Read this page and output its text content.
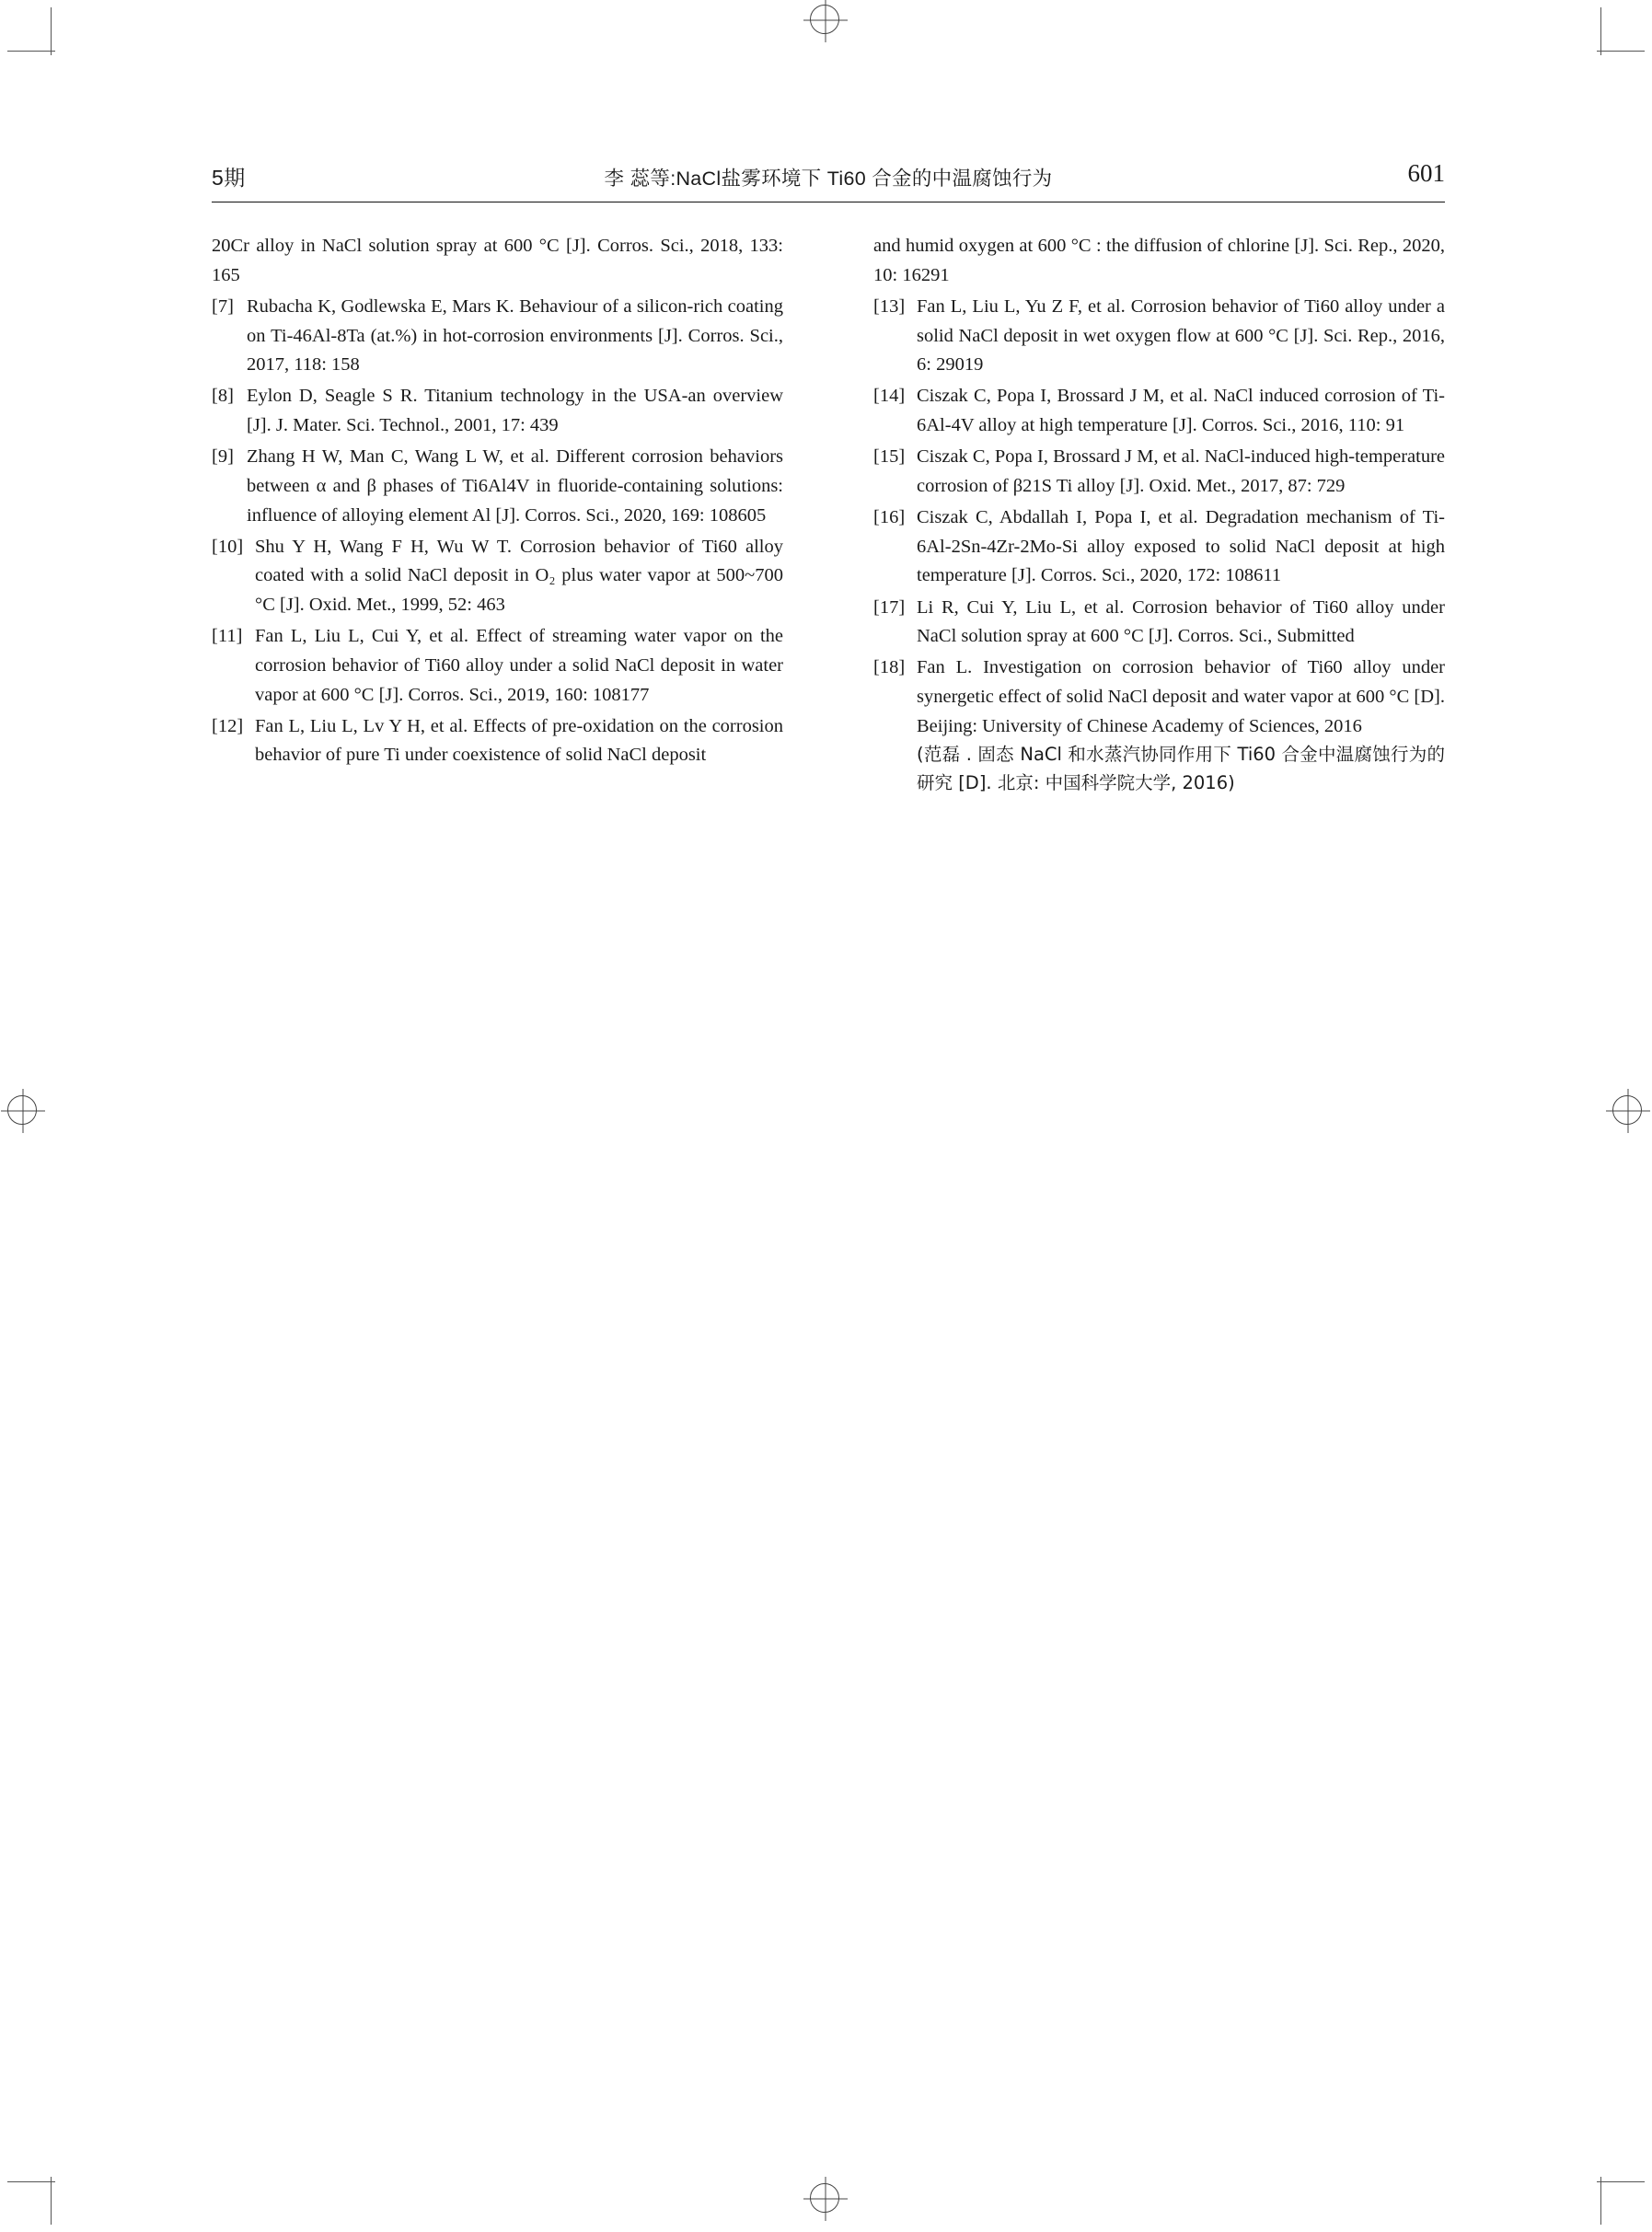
5期	李 蕊等:NaCl盐雾环境下 Ti60 合金的中温腐蚀行为	601
20Cr alloy in NaCl solution spray at 600 °C [J]. Corros. Sci., 2018, 133: 165
[7] Rubacha K, Godlewska E, Mars K. Behaviour of a silicon-rich coating on Ti-46Al-8Ta (at.%) in hot-corrosion environments [J]. Corros. Sci., 2017, 118: 158
[8] Eylon D, Seagle S R. Titanium technology in the USA-an overview [J]. J. Mater. Sci. Technol., 2001, 17: 439
[9] Zhang H W, Man C, Wang L W, et al. Different corrosion behaviors between α and β phases of Ti6Al4V in fluoride-containing solutions: influence of alloying element Al [J]. Corros. Sci., 2020, 169: 108605
[10] Shu Y H, Wang F H, Wu W T. Corrosion behavior of Ti60 alloy coated with a solid NaCl deposit in O₂ plus water vapor at 500~700 °C [J]. Oxid. Met., 1999, 52: 463
[11] Fan L, Liu L, Cui Y, et al. Effect of streaming water vapor on the corrosion behavior of Ti60 alloy under a solid NaCl deposit in water vapor at 600 °C [J]. Corros. Sci., 2019, 160: 108177
[12] Fan L, Liu L, Lv Y H, et al. Effects of pre-oxidation on the corrosion behavior of pure Ti under coexistence of solid NaCl deposit
and humid oxygen at 600 °C : the diffusion of chlorine [J]. Sci. Rep., 2020, 10: 16291
[13] Fan L, Liu L, Yu Z F, et al. Corrosion behavior of Ti60 alloy under a solid NaCl deposit in wet oxygen flow at 600 °C [J]. Sci. Rep., 2016, 6: 29019
[14] Ciszak C, Popa I, Brossard J M, et al. NaCl induced corrosion of Ti-6Al-4V alloy at high temperature [J]. Corros. Sci., 2016, 110: 91
[15] Ciszak C, Popa I, Brossard J M, et al. NaCl-induced high-temperature corrosion of β21S Ti alloy [J]. Oxid. Met., 2017, 87: 729
[16] Ciszak C, Abdallah I, Popa I, et al. Degradation mechanism of Ti-6Al-2Sn-4Zr-2Mo-Si alloy exposed to solid NaCl deposit at high temperature [J]. Corros. Sci., 2020, 172: 108611
[17] Li R, Cui Y, Liu L, et al. Corrosion behavior of Ti60 alloy under NaCl solution spray at 600 °C [J]. Corros. Sci., Submitted
[18] Fan L. Investigation on corrosion behavior of Ti60 alloy under synergetic effect of solid NaCl deposit and water vapor at 600 °C [D]. Beijing: University of Chinese Academy of Sciences, 2016
(范磊 . 固态 NaCl 和水蒸汽协同作用下 Ti60 合金中温腐蚀行为的研究 [D]. 北京: 中国科学院大学, 2016)
